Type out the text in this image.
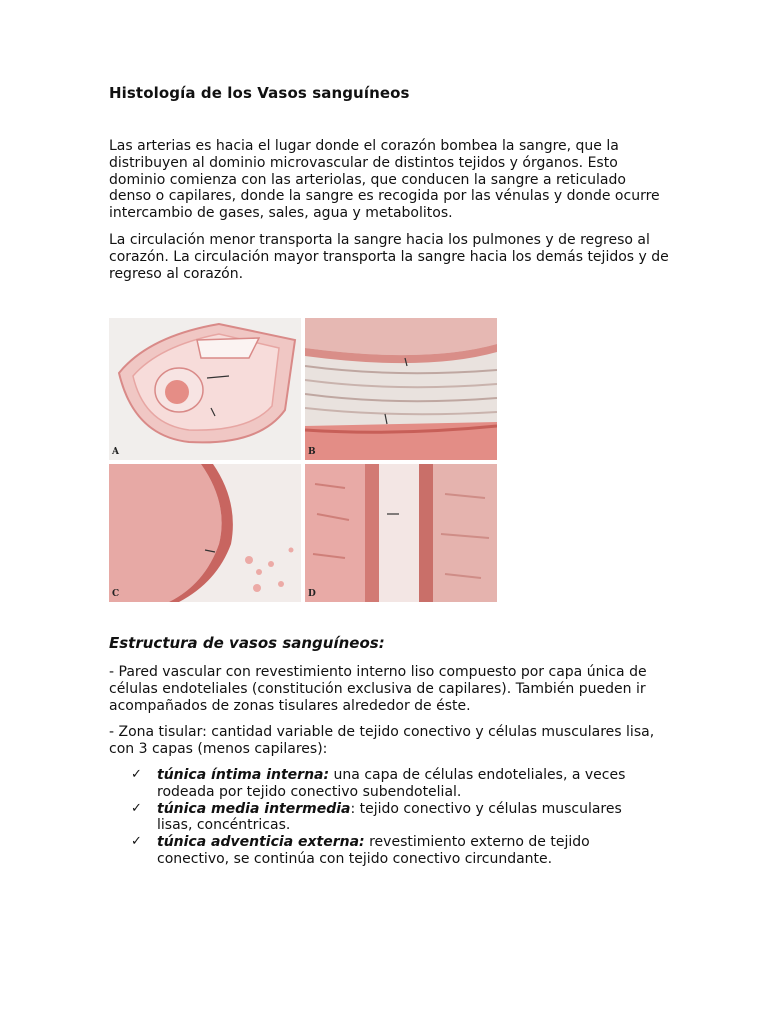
Histología de los Vasos sanguíneos

Las arterias es hacia el lugar donde el corazón bombea la sangre, que la distribuyen al dominio microvascular de distintos tejidos y órganos. Esto dominio comienza con las arteriolas, que conducen la sangre a reticulado denso o capilares, donde la sangre es recogida por las vénulas y donde ocurre intercambio de gases, sales, agua y metabolitos.

La circulación menor transporta la sangre hacia los pulmones y de regreso al corazón. La circulación mayor transporta la sangre hacia los demás tejidos y de regreso al corazón.

A	B
C	D
Estructura de vasos sanguíneos:

- Pared vascular con revestimiento interno liso compuesto por capa única de células endoteliales (constitución exclusiva de capilares). También pueden ir acompañados de zonas tisulares alrededor de éste.

- Zona tisular: cantidad variable de tejido conectivo y células musculares lisa, con 3 capas (menos capilares):

✓ túnica íntima interna: una capa de células endoteliales, a veces rodeada por tejido conectivo subendotelial.
✓ túnica media intermedia: tejido conectivo y células musculares lisas, concéntricas.
✓ túnica adventicia externa: revestimiento externo de tejido conectivo, se continúa con tejido conectivo circundante.
